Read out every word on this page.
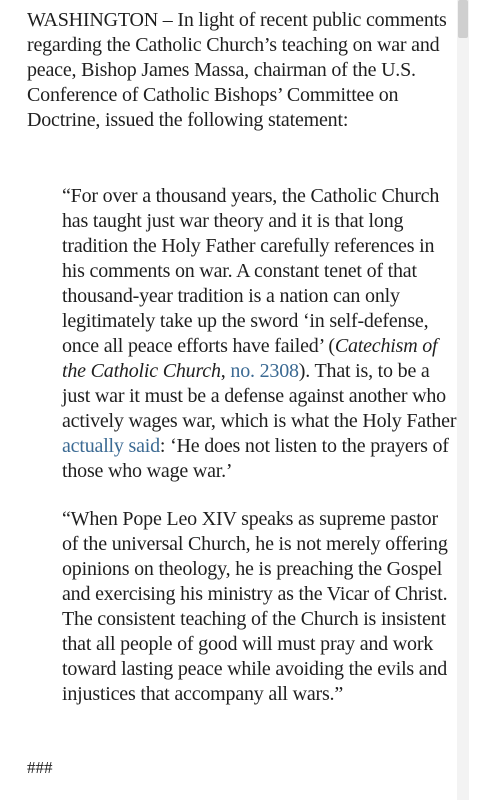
WASHINGTON – In light of recent public comments regarding the Catholic Church’s teaching on war and peace, Bishop James Massa, chairman of the U.S. Conference of Catholic Bishops’ Committee on Doctrine, issued the following statement:

“For over a thousand years, the Catholic Church has taught just war theory and it is that long tradition the Holy Father carefully references in his comments on war. A constant tenet of that thousand-year tradition is a nation can only legitimately take up the sword ‘in self-defense, once all peace efforts have failed’ (Catechism of the Catholic Church, no. 2308). That is, to be a just war it must be a defense against another who actively wages war, which is what the Holy Father actually said: ‘He does not listen to the prayers of those who wage war.’

“When Pope Leo XIV speaks as supreme pastor of the universal Church, he is not merely offering opinions on theology, he is preaching the Gospel and exercising his ministry as the Vicar of Christ. The consistent teaching of the Church is insistent that all people of good will must pray and work toward lasting peace while avoiding the evils and injustices that accompany all wars.”

###
